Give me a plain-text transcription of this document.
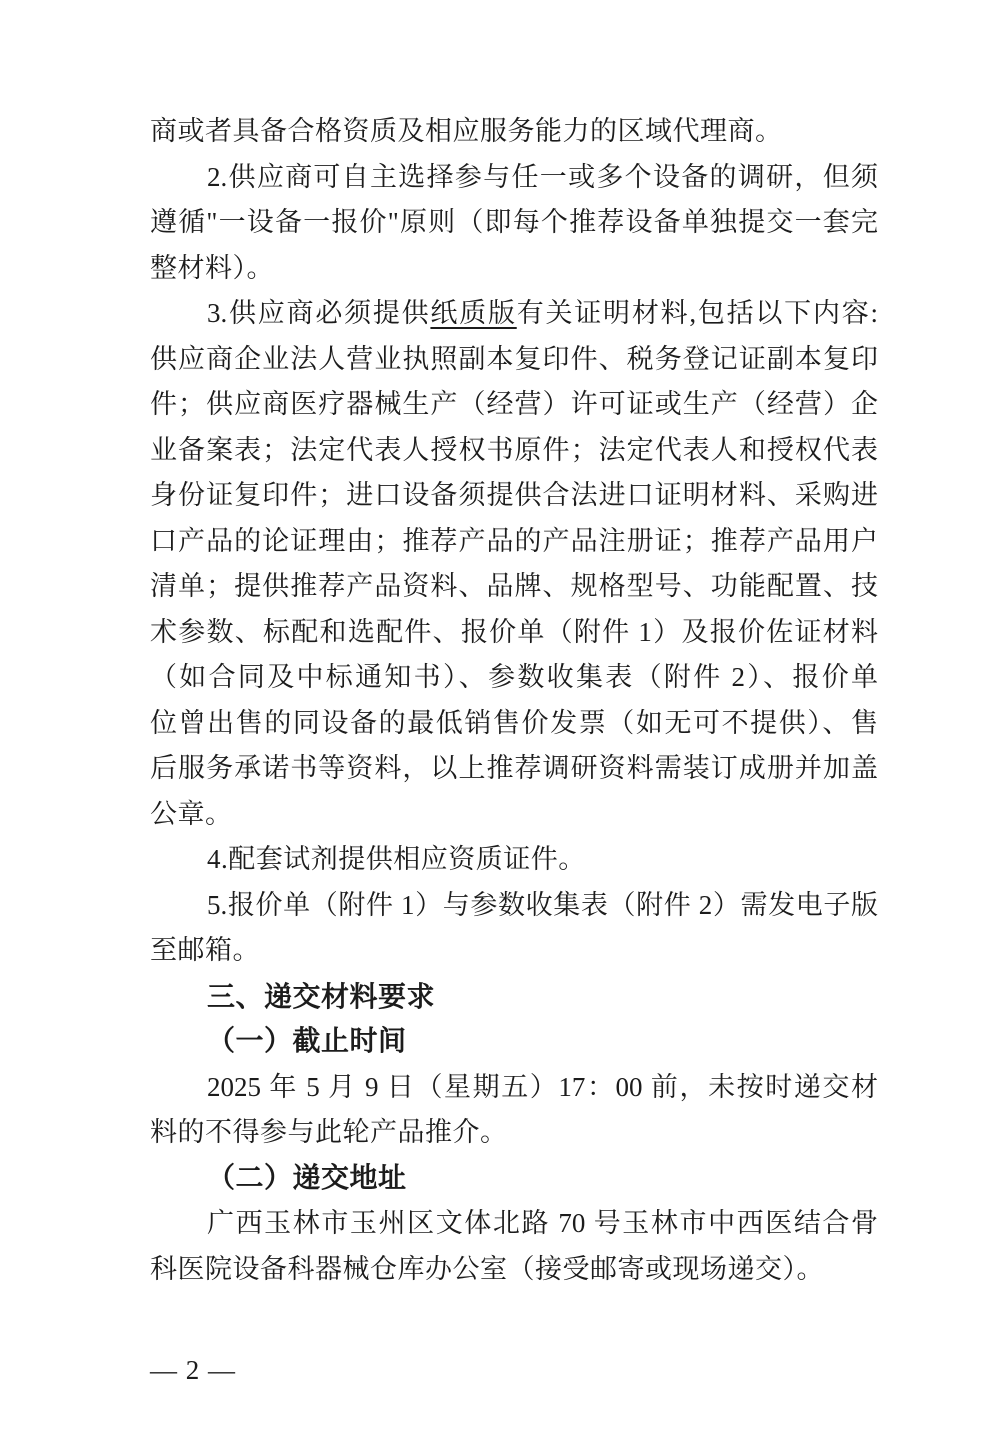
商或者具备合格资质及相应服务能力的区域代理商。
2.供应商可自主选择参与任一或多个设备的调研，但须
遵循"一设备一报价"原则（即每个推荐设备单独提交一套完
整材料）。
3.供应商必须提供纸质版有关证明材料,包括以下内容:
供应商企业法人营业执照副本复印件、税务登记证副本复印
件；供应商医疗器械生产（经营）许可证或生产（经营）企
业备案表；法定代表人授权书原件；法定代表人和授权代表
身份证复印件；进口设备须提供合法进口证明材料、采购进
口产品的论证理由；推荐产品的产品注册证；推荐产品用户
清单；提供推荐产品资料、品牌、规格型号、功能配置、技
术参数、标配和选配件、报价单（附件 1）及报价佐证材料
（如合同及中标通知书）、参数收集表（附件 2）、报价单
位曾出售的同设备的最低销售价发票（如无可不提供）、售
后服务承诺书等资料，以上推荐调研资料需装订成册并加盖
公章。
4.配套试剂提供相应资质证件。
5.报价单（附件 1）与参数收集表（附件 2）需发电子版
至邮箱。
三、递交材料要求
（一）截止时间
2025 年 5 月 9 日（星期五）17：00 前，未按时递交材
料的不得参与此轮产品推介。
（二）递交地址
广西玉林市玉州区文体北路 70 号玉林市中西医结合骨
科医院设备科器械仓库办公室（接受邮寄或现场递交）。
— 2 —
